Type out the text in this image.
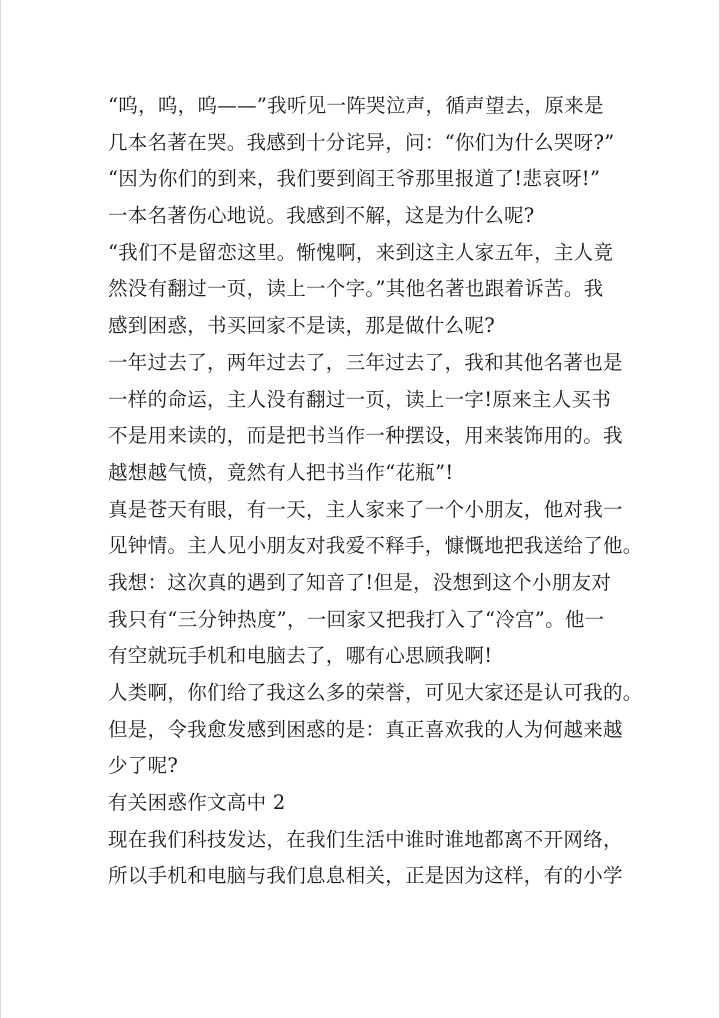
“呜，呜，呜——”我听见一阵哭泣声，循声望去，原来是
几本名著在哭。我感到十分诧异，问：“你们为什么哭呀?”
“因为你们的到来，我们要到阎王爷那里报道了!悲哀呀!”
一本名著伤心地说。我感到不解，这是为什么呢?
“我们不是留恋这里。惭愧啊，来到这主人家五年，主人竟
然没有翻过一页，读上一个字。”其他名著也跟着诉苦。我
感到困惑，书买回家不是读，那是做什么呢?
一年过去了，两年过去了，三年过去了，我和其他名著也是
一样的命运，主人没有翻过一页，读上一字!原来主人买书
不是用来读的，而是把书当作一种摆设，用来装饰用的。我
越想越气愤，竟然有人把书当作“花瓶”!
真是苍天有眼，有一天，主人家来了一个小朋友，他对我一
见钟情。主人见小朋友对我爱不释手，慷慨地把我送给了他。
我想：这次真的遇到了知音了!但是，没想到这个小朋友对
我只有“三分钟热度”，一回家又把我打入了“冷宫”。他一
有空就玩手机和电脑去了，哪有心思顾我啊!
人类啊，你们给了我这么多的荣誉，可见大家还是认可我的。
但是，令我愈发感到困惑的是：真正喜欢我的人为何越来越
少了呢?
有关困惑作文高中 2
现在我们科技发达，在我们生活中谁时谁地都离不开网络，
所以手机和电脑与我们息息相关，正是因为这样，有的小学
